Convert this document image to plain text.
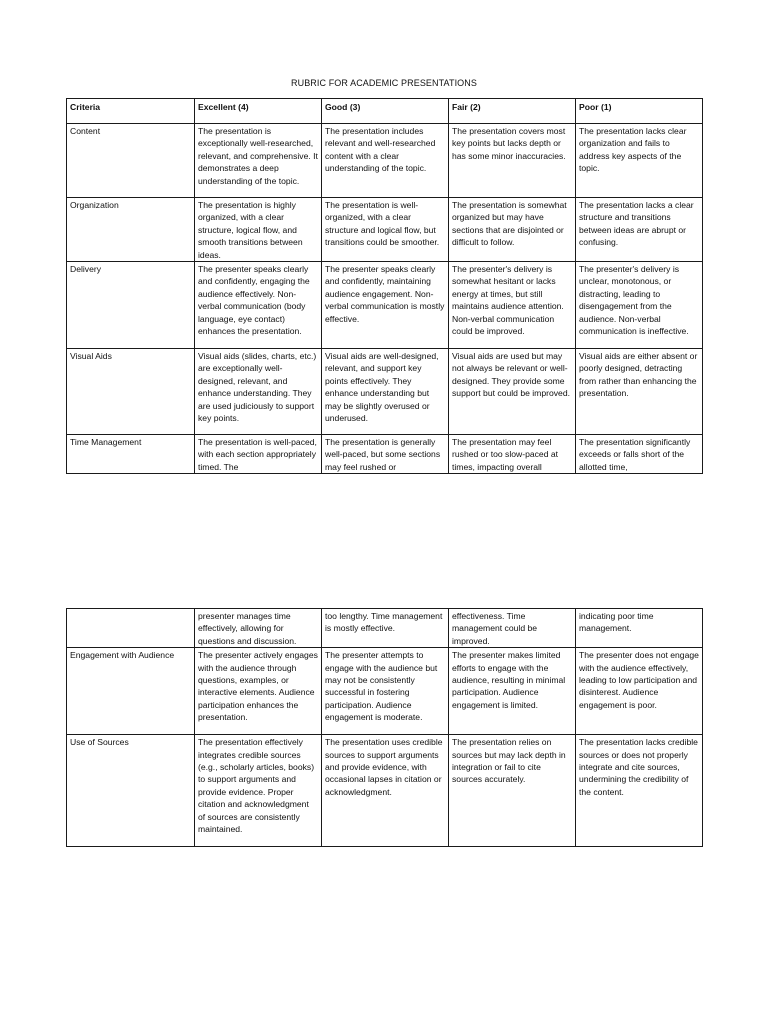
RUBRIC FOR ACADEMIC PRESENTATIONS
Criteria	Excellent (4)	Good (3)	Fair (2)	Poor (1)
Content	The presentation is exceptionally well-researched, relevant, and comprehensive. It demonstrates a deep understanding of the topic.	The presentation includes relevant and well-researched content with a clear understanding of the topic.	The presentation covers most key points but lacks depth or has some minor inaccuracies.	The presentation lacks clear organization and fails to address key aspects of the topic.
Organization	The presentation is highly organized, with a clear structure, logical flow, and smooth transitions between ideas.	The presentation is well-organized, with a clear structure and logical flow, but transitions could be smoother.	The presentation is somewhat organized but may have sections that are disjointed or difficult to follow.	The presentation lacks a clear structure and transitions between ideas are abrupt or confusing.
Delivery	The presenter speaks clearly and confidently, engaging the audience effectively. Non-verbal communication (body language, eye contact) enhances the presentation.	The presenter speaks clearly and confidently, maintaining audience engagement. Non-verbal communication is mostly effective.	The presenter's delivery is somewhat hesitant or lacks energy at times, but still maintains audience attention. Non-verbal communication could be improved.	The presenter's delivery is unclear, monotonous, or distracting, leading to disengagement from the audience. Non-verbal communication is ineffective.
Visual Aids	Visual aids (slides, charts, etc.) are exceptionally well-designed, relevant, and enhance understanding. They are used judiciously to support key points.	Visual aids are well-designed, relevant, and support key points effectively. They enhance understanding but may be slightly overused or underused.	Visual aids are used but may not always be relevant or well-designed. They provide some support but could be improved.	Visual aids are either absent or poorly designed, detracting from rather than enhancing the presentation.
Time Management	The presentation is well-paced, with each section appropriately timed. The	The presentation is generally well-paced, but some sections may feel rushed or	The presentation may feel rushed or too slow-paced at times, impacting overall	The presentation significantly exceeds or falls short of the allotted time,
	presenter manages time effectively, allowing for questions and discussion.	too lengthy. Time management is mostly effective.	effectiveness. Time management could be improved.	indicating poor time management.
Engagement with Audience	The presenter actively engages with the audience through questions, examples, or interactive elements. Audience participation enhances the presentation.	The presenter attempts to engage with the audience but may not be consistently successful in fostering participation. Audience engagement is moderate.	The presenter makes limited efforts to engage with the audience, resulting in minimal participation. Audience engagement is limited.	The presenter does not engage with the audience effectively, leading to low participation and disinterest. Audience engagement is poor.
Use of Sources	The presentation effectively integrates credible sources (e.g., scholarly articles, books) to support arguments and provide evidence. Proper citation and acknowledgment of sources are consistently maintained.	The presentation uses credible sources to support arguments and provide evidence, with occasional lapses in citation or acknowledgment.	The presentation relies on sources but may lack depth in integration or fail to cite sources accurately.	The presentation lacks credible sources or does not properly integrate and cite sources, undermining the credibility of the content.
